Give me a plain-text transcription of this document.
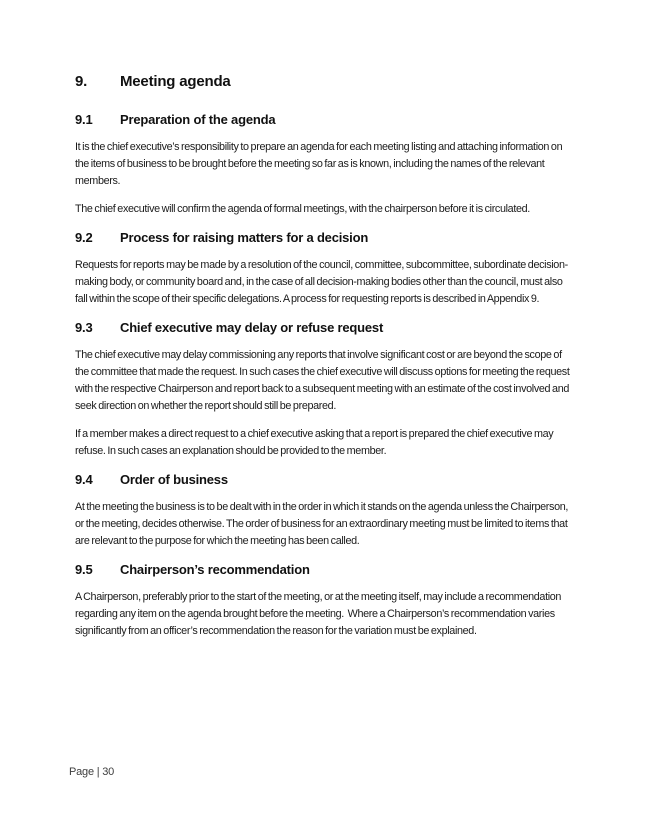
9. Meeting agenda
9.1 Preparation of the agenda

It is the chief executive’s responsibility to prepare an agenda for each meeting listing and attaching information on the items of business to be brought before the meeting so far as is known, including the names of the relevant members.

The chief executive will confirm the agenda of formal meetings, with the chairperson before it is circulated.

9.2 Process for raising matters for a decision

Requests for reports may be made by a resolution of the council, committee, subcommittee, subordinate decision-making body, or community board and, in the case of all decision-making bodies other than the council, must also fall within the scope of their specific delegations. A process for requesting reports is described in Appendix 9.

9.3 Chief executive may delay or refuse request

The chief executive may delay commissioning any reports that involve significant cost or are beyond the scope of the committee that made the request. In such cases the chief executive will discuss options for meeting the request with the respective Chairperson and report back to a subsequent meeting with an estimate of the cost involved and seek direction on whether the report should still be prepared.

If a member makes a direct request to a chief executive asking that a report is prepared the chief executive may refuse. In such cases an explanation should be provided to the member.

9.4 Order of business

At the meeting the business is to be dealt with in the order in which it stands on the agenda unless the Chairperson, or the meeting, decides otherwise. The order of business for an extraordinary meeting must be limited to items that are relevant to the purpose for which the meeting has been called.

9.5 Chairperson’s recommendation

A Chairperson, preferably prior to the start of the meeting, or at the meeting itself, may include a recommendation regarding any item on the agenda brought before the meeting.  Where a Chairperson’s recommendation varies significantly from an officer’s recommendation the reason for the variation must be explained.

Page | 30
